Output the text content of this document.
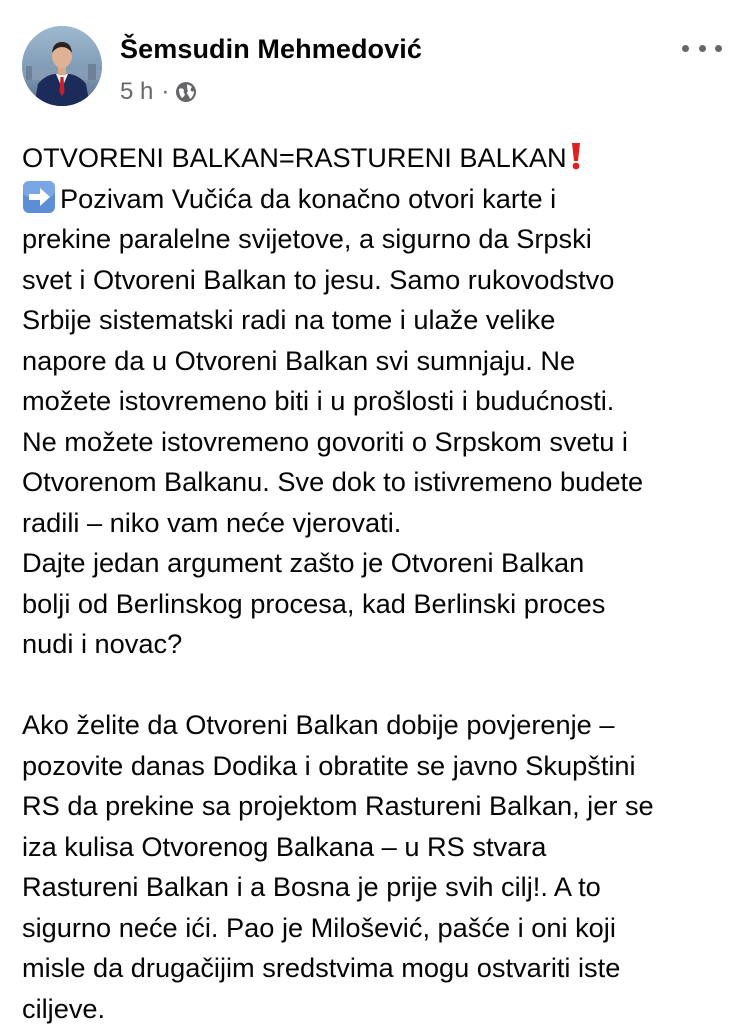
Šemsudin Mehmedović
5 h ·

OTVORENI BALKAN=RASTURENI BALKAN

Pozivam Vučića da konačno otvori karte i

prekine paralelne svijetove, a sigurno da Srpski

svet i Otvoreni Balkan to jesu. Samo rukovodstvo

Srbije sistematski radi na tome i ulaže velike

napore da u Otvoreni Balkan svi sumnjaju. Ne

možete istovremeno biti i u prošlosti i budućnosti.

Ne možete istovremeno govoriti o Srpskom svetu i

Otvorenom Balkanu. Sve dok to istivremeno budete

radili – niko vam neće vjerovati.

Dajte jedan argument zašto je Otvoreni Balkan

bolji od Berlinskog procesa, kad Berlinski proces

nudi i novac?

Ako želite da Otvoreni Balkan dobije povjerenje –

pozovite danas Dodika i obratite se javno Skupštini

RS da prekine sa projektom Rastureni Balkan, jer se

iza kulisa Otvorenog Balkana – u RS stvara

Rastureni Balkan i a Bosna je prije svih cilj!. A to

sigurno neće ići. Pao je Milošević, pašće i oni koji

misle da drugačijim sredstvima mogu ostvariti iste

ciljeve.
